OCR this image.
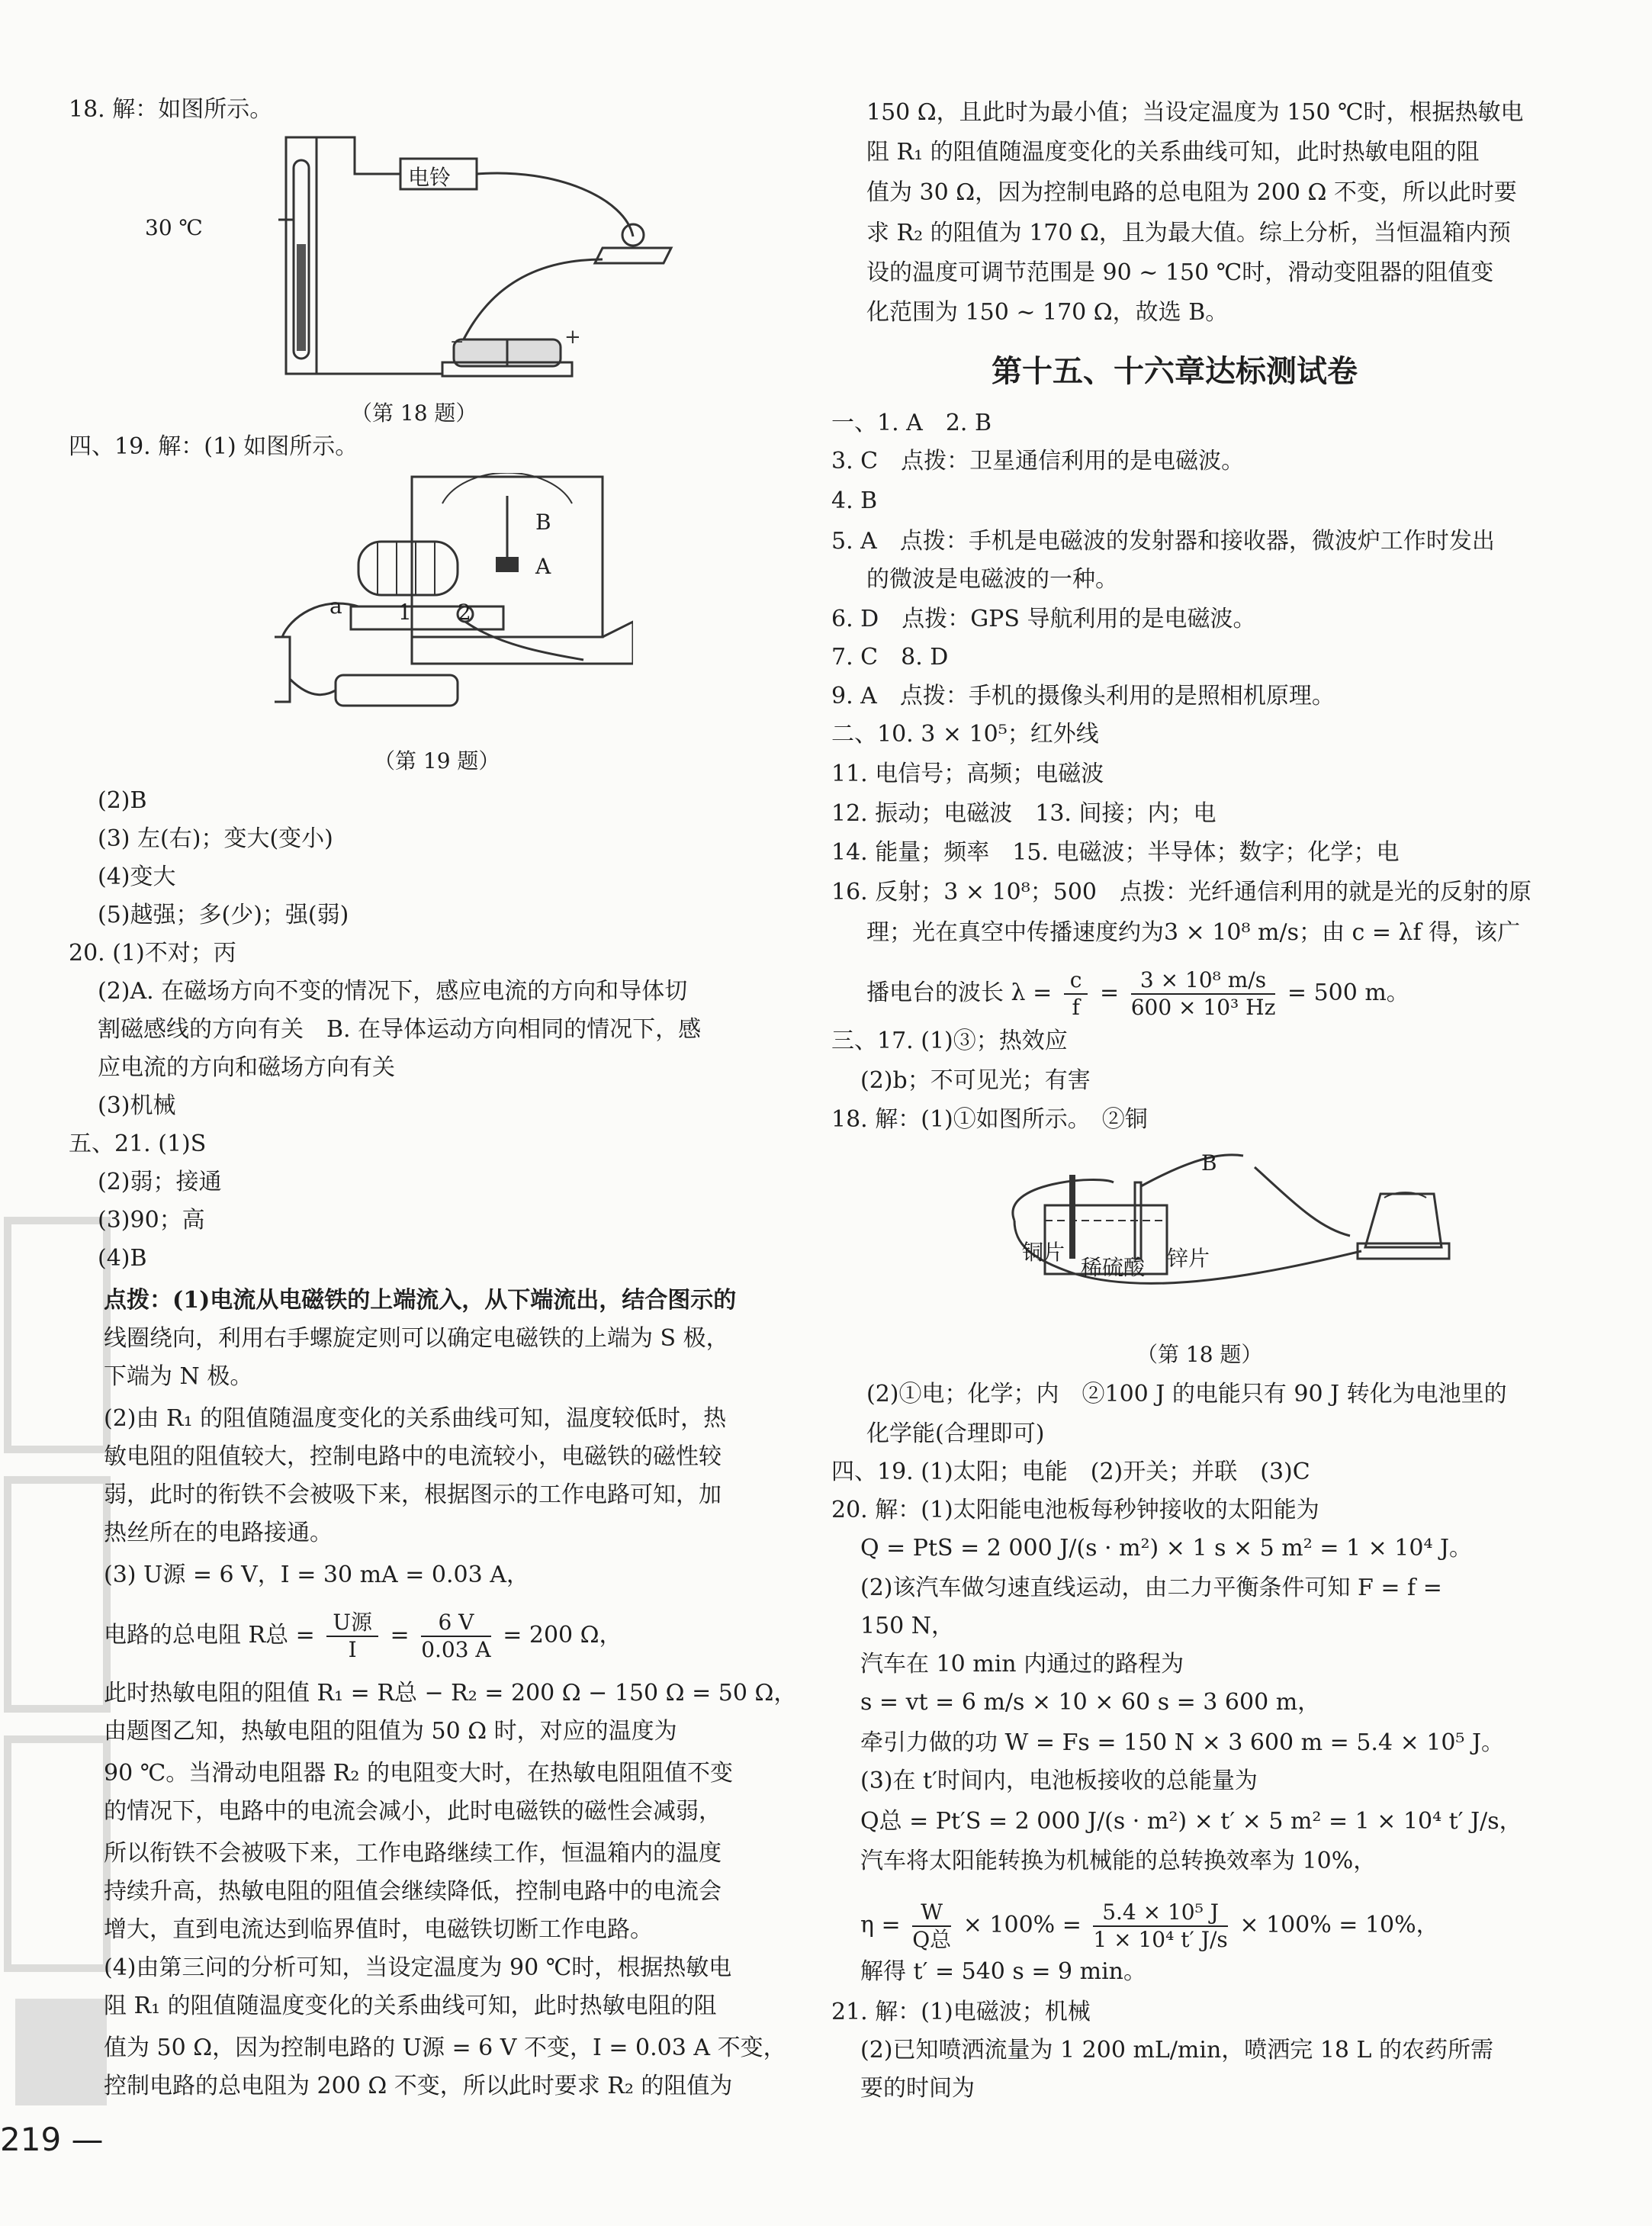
18. 解：如图所示。
−	+
30 ℃
电铃
（第 18 题）
四、19. 解：(1) 如图所示。
B
A
1 2
a
（第 19 题）
(2)B
(3) 左(右)；变大(变小)
(4)变大
(5)越强；多(少)；强(弱)
20. (1)不对；丙
(2)A. 在磁场方向不变的情况下，感应电流的方向和导体切
割磁感线的方向有关　B. 在导体运动方向相同的情况下，感
应电流的方向和磁场方向有关
(3)机械
五、21. (1)S
(2)弱；接通
(3)90；高
(4)B
点拨：(1)电流从电磁铁的上端流入，从下端流出，结合图示的
线圈绕向，利用右手螺旋定则可以确定电磁铁的上端为 S 极，
下端为 N 极。
(2)由 R₁ 的阻值随温度变化的关系曲线可知，温度较低时，热
敏电阻的阻值较大，控制电路中的电流较小，电磁铁的磁性较
弱，此时的衔铁不会被吸下来，根据图示的工作电路可知，加
热丝所在的电路接通。
(3) U源 = 6 V，I = 30 mA = 0.03 A，
电路的总电阻 R总 = $\frac{\text{U源}}{I} = \frac{6 V}{0.03 A} = 200$ Ω，
此时热敏电阻的阻值 R₁ = R总 − R₂ = 200 Ω − 150 Ω = 50 Ω，
由题图乙知，热敏电阻的阻值为 50 Ω 时，对应的温度为
90 ℃。当滑动电阻器 R₂ 的电阻变大时，在热敏电阻阻值不变
的情况下，电路中的电流会减小，此时电磁铁的磁性会减弱，
所以衔铁不会被吸下来，工作电路继续工作，恒温箱内的温度
持续升高，热敏电阻的阻值会继续降低，控制电路中的电流会
增大，直到电流达到临界值时，电磁铁切断工作电路。
(4)由第三问的分析可知，当设定温度为 90 ℃时，根据热敏电
阻 R₁ 的阻值随温度变化的关系曲线可知，此时热敏电阻的阻
值为 50 Ω，因为控制电路的 U源 = 6 V 不变，I = 0.03 A 不变，
控制电路的总电阻为 200 Ω 不变，所以此时要求 R₂ 的阻值为
150 Ω，且此时为最小值；当设定温度为 150 ℃时，根据热敏电
阻 R₁ 的阻值随温度变化的关系曲线可知，此时热敏电阻的阻
值为 30 Ω，因为控制电路的总电阻为 200 Ω 不变，所以此时要
求 R₂ 的阻值为 170 Ω，且为最大值。综上分析，当恒温箱内预
设的温度可调节范围是 90 ~ 150 ℃时，滑动变阻器的阻值变
化范围为 150 ~ 170 Ω，故选 B。
第十五、十六章达标测试卷
一、1. A　2. B
3. C　点拨：卫星通信利用的是电磁波。
4. B
5. A　点拨：手机是电磁波的发射器和接收器，微波炉工作时发出
的微波是电磁波的一种。
6. D　点拨：GPS 导航利用的是电磁波。
7. C　8. D
9. A　点拨：手机的摄像头利用的是照相机原理。
二、10. 3 × 10⁵；红外线
11. 电信号；高频；电磁波
12. 振动；电磁波　13. 间接；内；电
14. 能量；频率　15. 电磁波；半导体；数字；化学；电
16. 反射；3 × 10⁸；500　点拨：光纤通信利用的就是光的反射的原
理；光在真空中传播速度约为3 × 10⁸ m/s；由 c = λf 得，该广
播电台的波长 $\lambda = \frac{c}{f} = \frac{\text{3 × 10⁸ m/s}}{\text{600 × 10³ Hz}} = 500$ m。
三、17. (1)③；热效应
(2)b；不可见光；有害
18. 解：(1)①如图所示。　②铜
B
铜片
稀硫酸 锌片
（第 18 题）
(2)①电；化学；内　②100 J 的电能只有 90 J 转化为电池里的
化学能(合理即可)
四、19. (1)太阳；电能　(2)开关；并联　(3)C
20. 解：(1)太阳能电池板每秒钟接收的太阳能为
Q = PtS = 2 000 J/(s · m²) × 1 s × 5 m² = 1 × 10⁴ J。
(2)该汽车做匀速直线运动，由二力平衡条件可知 F = f =
150 N，
汽车在 10 min 内通过的路程为
s = vt = 6 m/s × 10 × 60 s = 3 600 m，
牵引力做的功 W = Fs = 150 N × 3 600 m = 5.4 × 10⁵ J。
(3)在 t′时间内，电池板接收的总能量为
Q总 = Pt′S = 2 000 J/(s · m²) × t′ × 5 m² = 1 × 10⁴ t′ J/s，
汽车将太阳能转换为机械能的总转换效率为 10%，
$\eta = \frac{W}{\text{Q总}} \times 100\% = \frac{\text{5.4 × 10⁵ J}}{\text{1 × 10⁴ t′ J/s}} \times 100\% = 10\%$，
解得 t′ = 540 s = 9 min。
21. 解：(1)电磁波；机械
(2)已知喷洒流量为 1 200 mL/min，喷洒完 18 L 的农药所需
要的时间为
219 —
